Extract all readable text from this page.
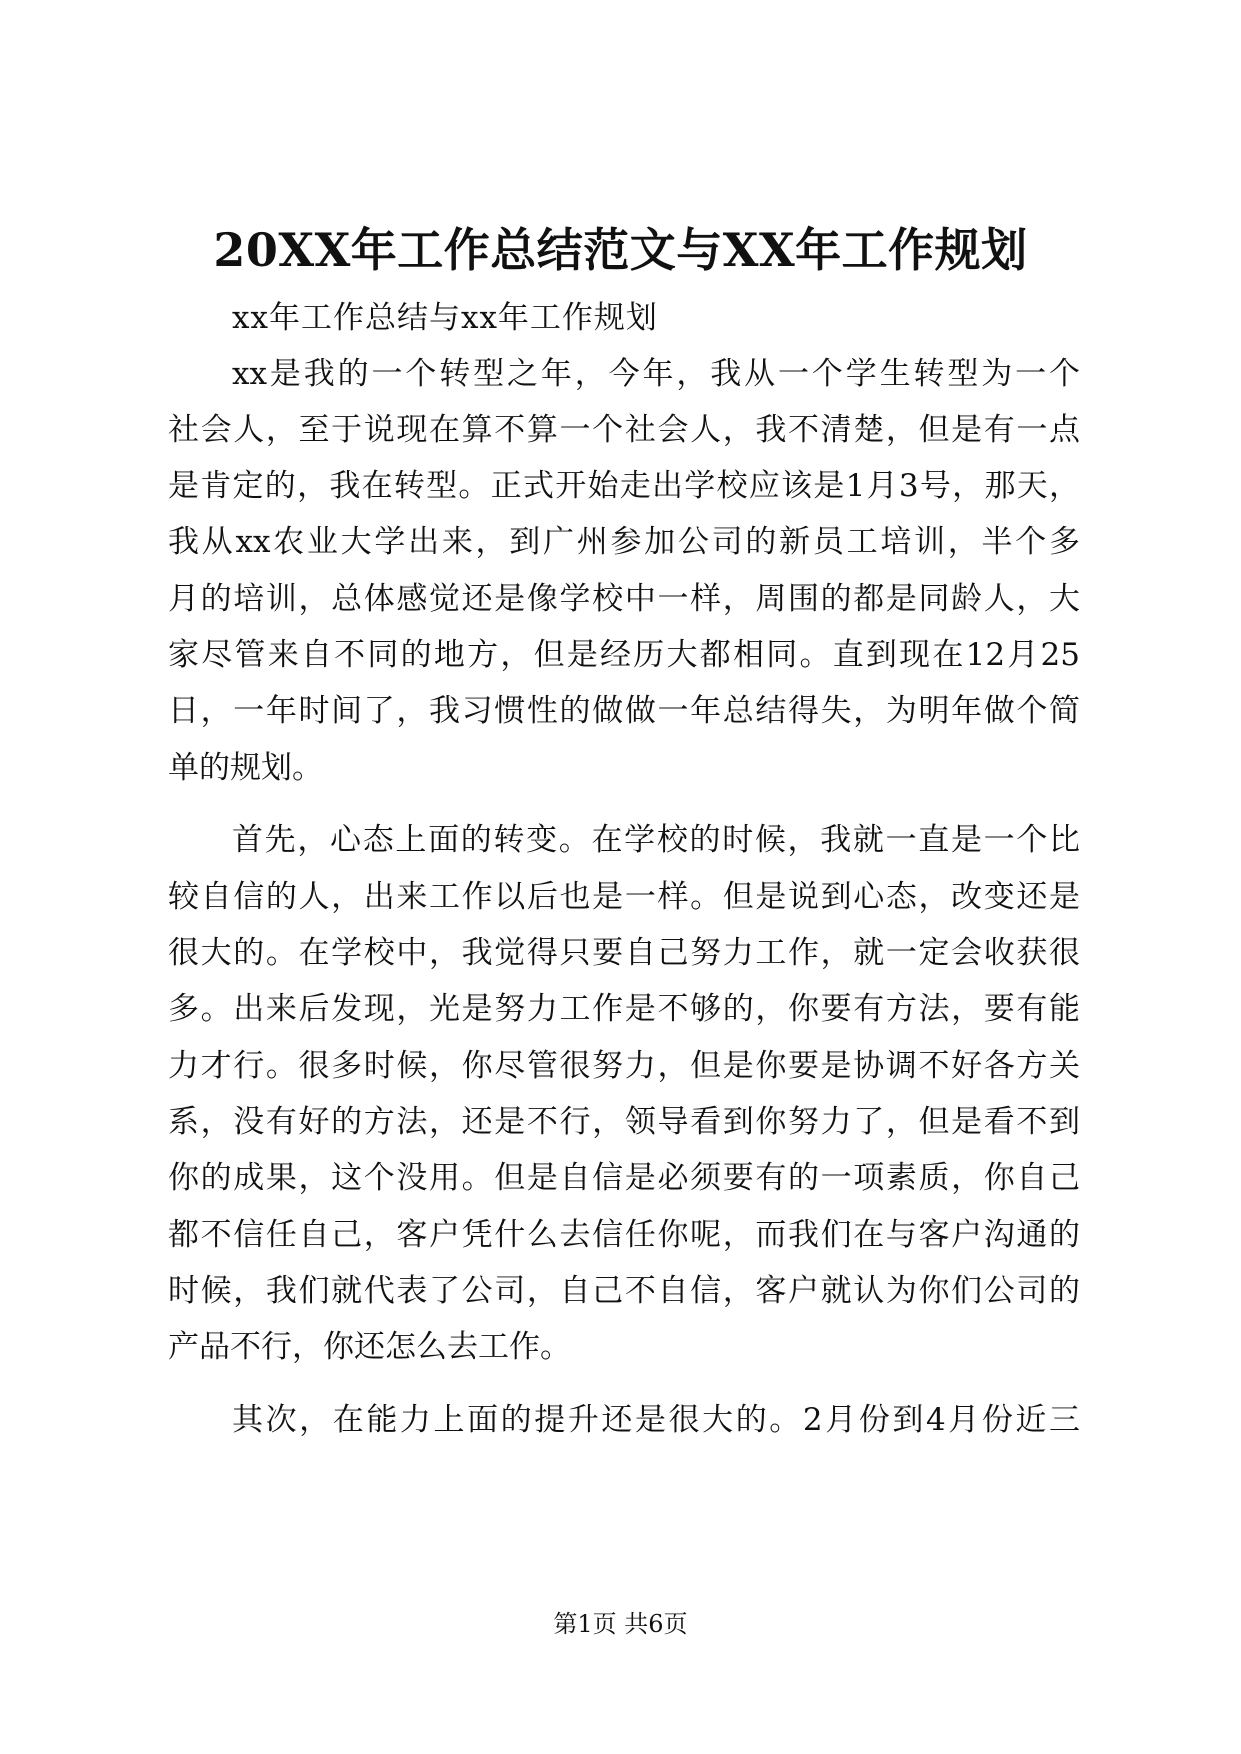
20XX年工作总结范文与XX年工作规划
xx年工作总结与xx年工作规划
xx是我的一个转型之年，今年，我从一个学生转型为一个
社会人，至于说现在算不算一个社会人，我不清楚，但是有一点
是肯定的，我在转型。正式开始走出学校应该是1月3号，那天，
我从xx农业大学出来，到广州参加公司的新员工培训，半个多
月的培训，总体感觉还是像学校中一样，周围的都是同龄人，大
家尽管来自不同的地方，但是经历大都相同。直到现在12月25
日，一年时间了，我习惯性的做做一年总结得失，为明年做个简
单的规划。
首先，心态上面的转变。在学校的时候，我就一直是一个比
较自信的人，出来工作以后也是一样。但是说到心态，改变还是
很大的。在学校中，我觉得只要自己努力工作，就一定会收获很
多。出来后发现，光是努力工作是不够的，你要有方法，要有能
力才行。很多时候，你尽管很努力，但是你要是协调不好各方关
系，没有好的方法，还是不行，领导看到你努力了，但是看不到
你的成果，这个没用。但是自信是必须要有的一项素质，你自己
都不信任自己，客户凭什么去信任你呢，而我们在与客户沟通的
时候，我们就代表了公司，自己不自信，客户就认为你们公司的
产品不行，你还怎么去工作。
其次，在能力上面的提升还是很大的。2月份到4月份近三
第1页 共6页
